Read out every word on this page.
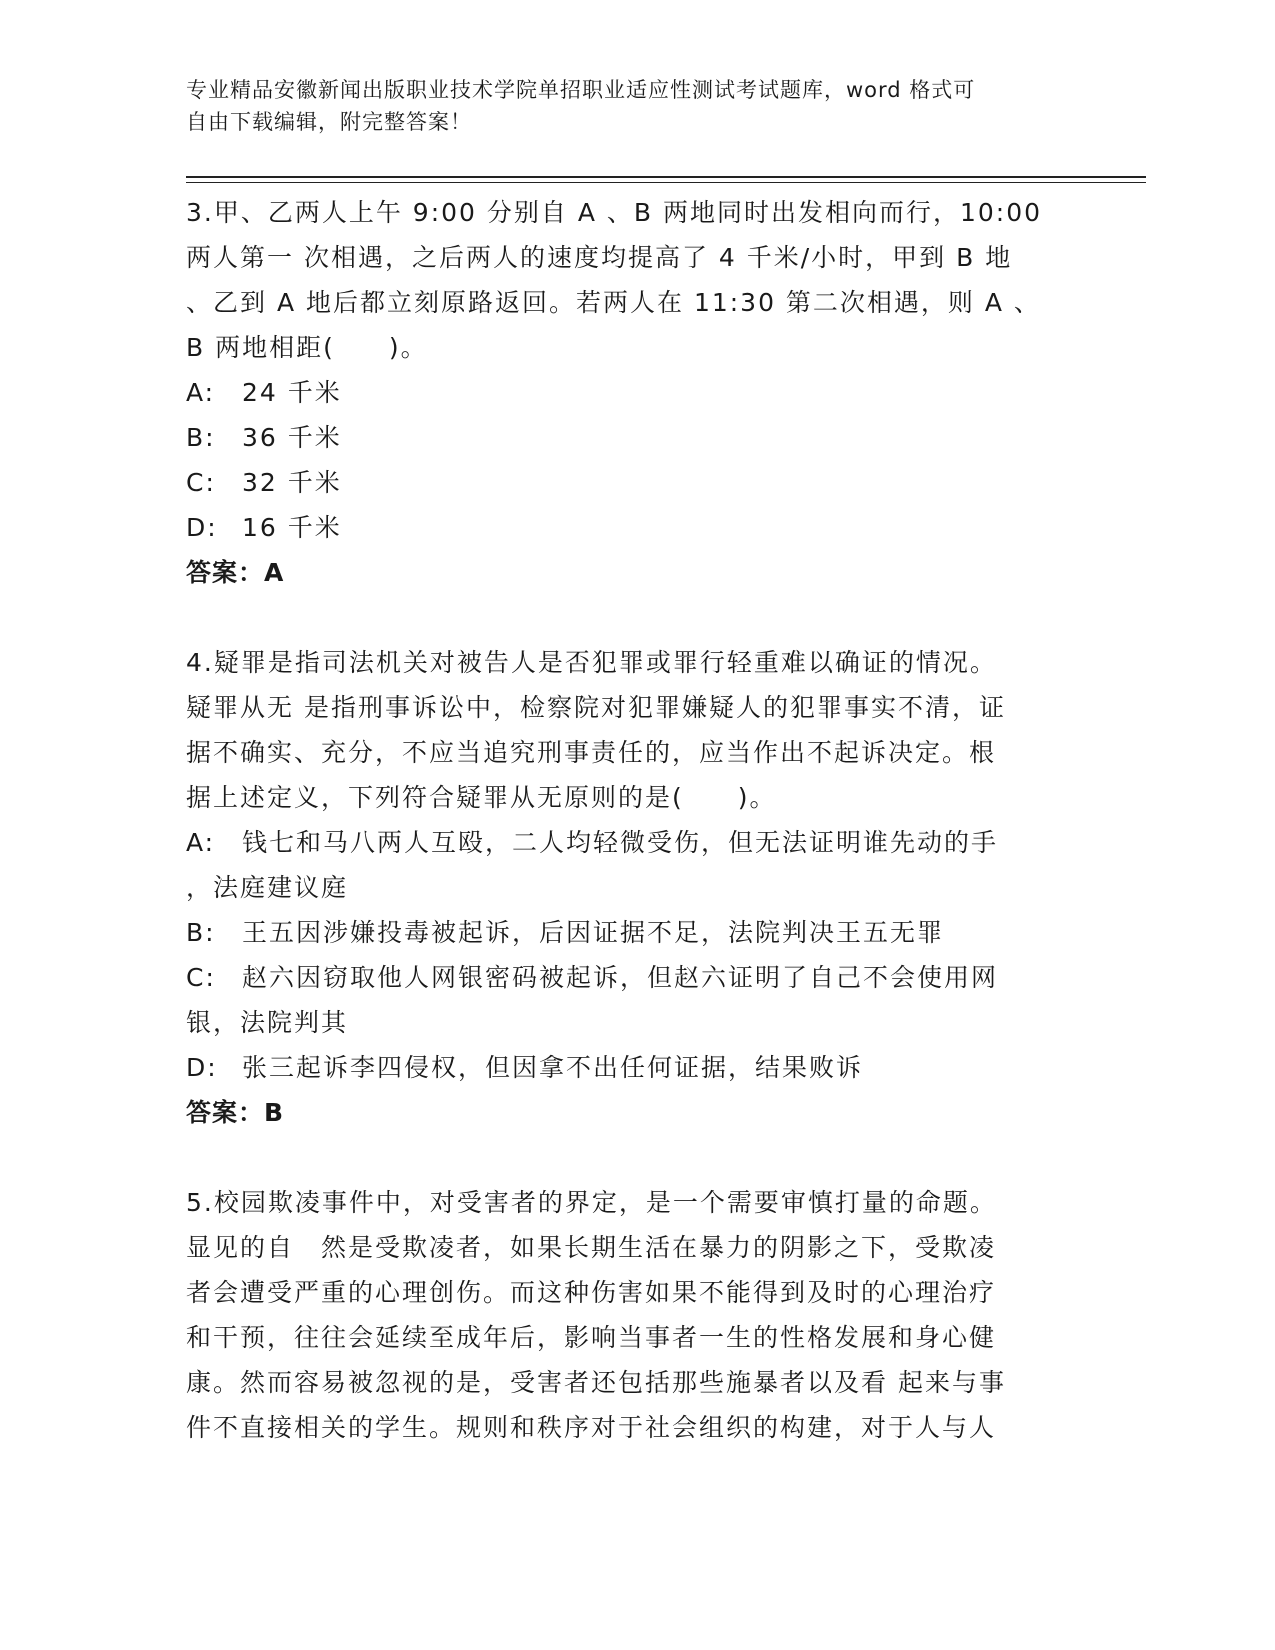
专业精品安徽新闻出版职业技术学院单招职业适应性测试考试题库，word 格式可
自由下载编辑，附完整答案！
3.甲、乙两人上午 9:00 分别自 A 、B 两地同时出发相向而行，10:00
两人第一 次相遇，之后两人的速度均提高了 4 千米/小时，甲到 B 地
、乙到 A 地后都立刻原路返回。若两人在 11:30 第二次相遇，则 A 、
B 两地相距(　　)。
A: 24 千米
B: 36 千米
C: 32 千米
D: 16 千米
答案：A
4.疑罪是指司法机关对被告人是否犯罪或罪行轻重难以确证的情况。
疑罪从无 是指刑事诉讼中，检察院对犯罪嫌疑人的犯罪事实不清，证
据不确实、充分，不应当追究刑事责任的，应当作出不起诉决定。根
据上述定义，下列符合疑罪从无原则的是(　　)。
A: 钱七和马八两人互殴，二人均轻微受伤，但无法证明谁先动的手
，法庭建议庭
B: 王五因涉嫌投毒被起诉，后因证据不足，法院判决王五无罪
C: 赵六因窃取他人网银密码被起诉，但赵六证明了自己不会使用网
银，法院判其
D: 张三起诉李四侵权，但因拿不出任何证据，结果败诉
答案：B
5.校园欺凌事件中，对受害者的界定，是一个需要审慎打量的命题。
显见的自　然是受欺凌者，如果长期生活在暴力的阴影之下，受欺凌
者会遭受严重的心理创伤。而这种伤害如果不能得到及时的心理治疗
和干预，往往会延续至成年后，影响当事者一生的性格发展和身心健
康。然而容易被忽视的是，受害者还包括那些施暴者以及看 起来与事
件不直接相关的学生。规则和秩序对于社会组织的构建，对于人与人
